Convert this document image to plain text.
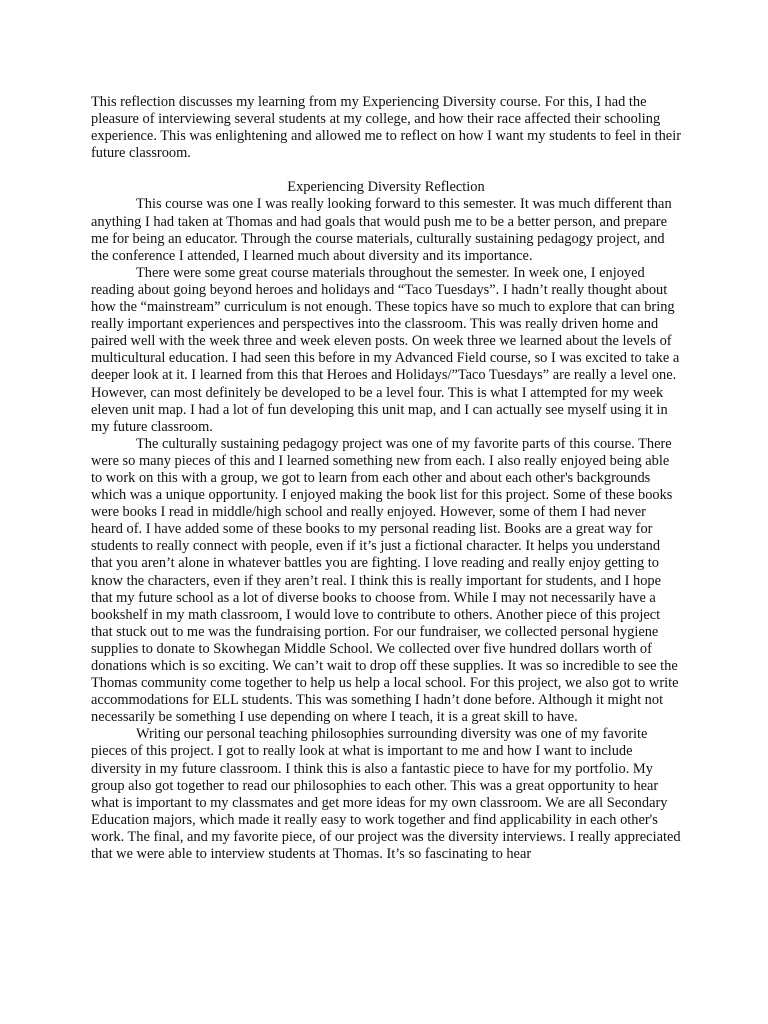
This reflection discusses my learning from my Experiencing Diversity course. For this, I had the pleasure of interviewing several students at my college, and how their race affected their schooling experience. This was enlightening and allowed me to reflect on how I want my students to feel in their future classroom.

Experiencing Diversity Reflection

This course was one I was really looking forward to this semester. It was much different than anything I had taken at Thomas and had goals that would push me to be a better person, and prepare me for being an educator. Through the course materials, culturally sustaining pedagogy project, and the conference I attended, I learned much about diversity and its importance.

There were some great course materials throughout the semester. In week one, I enjoyed reading about going beyond heroes and holidays and “Taco Tuesdays”. I hadn’t really thought about how the “mainstream” curriculum is not enough. These topics have so much to explore that can bring really important experiences and perspectives into the classroom. This was really driven home and paired well with the week three and week eleven posts. On week three we learned about the levels of multicultural education. I had seen this before in my Advanced Field course, so I was excited to take a deeper look at it. I learned from this that Heroes and Holidays/”Taco Tuesdays” are really a level one. However, can most definitely be developed to be a level four. This is what I attempted for my week eleven unit map. I had a lot of fun developing this unit map, and I can actually see myself using it in my future classroom.

The culturally sustaining pedagogy project was one of my favorite parts of this course. There were so many pieces of this and I learned something new from each. I also really enjoyed being able to work on this with a group, we got to learn from each other and about each other's backgrounds which was a unique opportunity. I enjoyed making the book list for this project. Some of these books were books I read in middle/high school and really enjoyed. However, some of them I had never heard of. I have added some of these books to my personal reading list. Books are a great way for students to really connect with people, even if it’s just a fictional character. It helps you understand that you aren’t alone in whatever battles you are fighting. I love reading and really enjoy getting to know the characters, even if they aren’t real. I think this is really important for students, and I hope that my future school as a lot of diverse books to choose from. While I may not necessarily have a bookshelf in my math classroom, I would love to contribute to others. Another piece of this project that stuck out to me was the fundraising portion. For our fundraiser, we collected personal hygiene supplies to donate to Skowhegan Middle School. We collected over five hundred dollars worth of donations which is so exciting. We can’t wait to drop off these supplies. It was so incredible to see the Thomas community come together to help us help a local school. For this project, we also got to write accommodations for ELL students. This was something I hadn’t done before. Although it might not necessarily be something I use depending on where I teach, it is a great skill to have.

Writing our personal teaching philosophies surrounding diversity was one of my favorite pieces of this project. I got to really look at what is important to me and how I want to include diversity in my future classroom. I think this is also a fantastic piece to have for my portfolio. My group also got together to read our philosophies to each other. This was a great opportunity to hear what is important to my classmates and get more ideas for my own classroom. We are all Secondary Education majors, which made it really easy to work together and find applicability in each other's work. The final, and my favorite piece, of our project was the diversity interviews. I really appreciated that we were able to interview students at Thomas. It’s so fascinating to hear
